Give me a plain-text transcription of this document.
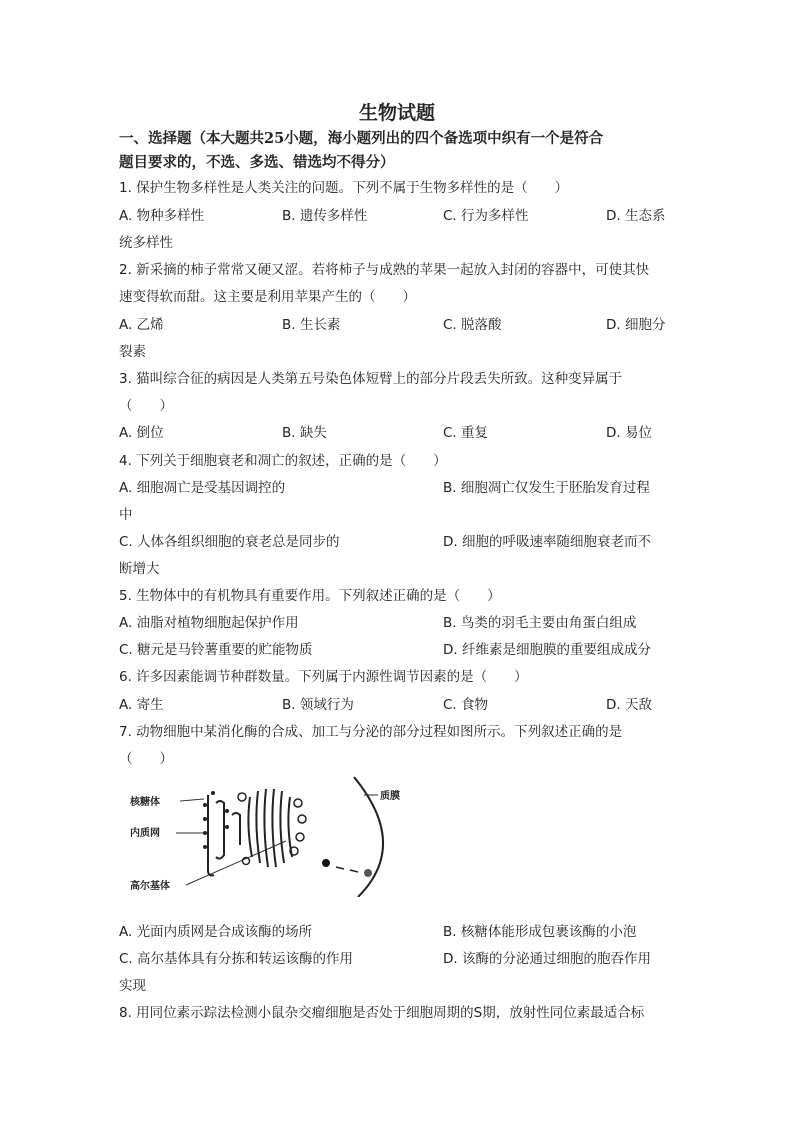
生物试题
一、选择题（本大题共25小题，海小题列出的四个备选项中织有一个是符合
题目要求的，不选、多选、错选均不得分）
1. 保护生物多样性是人类关注的问题。下列不属于生物多样性的是（　　）
A. 物种多样性	B. 遗传多样性	C. 行为多样性	D. 生态系
统多样性
2. 新采摘的柿子常常又硬又涩。若将柿子与成熟的苹果一起放入封闭的容器中，可使其快
速变得软而甜。这主要是利用苹果产生的（　　）
A. 乙烯	B. 生长素	C. 脱落酸	D. 细胞分
裂素
3. 猫叫综合征的病因是人类第五号染色体短臂上的部分片段丢失所致。这种变异属于
（　　）
A. 倒位	B. 缺失	C. 重复	D. 易位
4. 下列关于细胞衰老和凋亡的叙述，正确的是（　　）
A. 细胞凋亡是受基因调控的	B. 细胞凋亡仅发生于胚胎发育过程
中
C. 人体各组织细胞的衰老总是同步的	D. 细胞的呼吸速率随细胞衰老而不
断增大
5. 生物体中的有机物具有重要作用。下列叙述正确的是（　　）
A. 油脂对植物细胞起保护作用	B. 鸟类的羽毛主要由角蛋白组成
C. 糖元是马铃薯重要的贮能物质	D. 纤维素是细胞膜的重要组成成分
6. 许多因素能调节种群数量。下列属于内源性调节因素的是（　　）
A. 寄生	B. 领域行为	C. 食物	D. 天敌
7. 动物细胞中某消化酶的合成、加工与分泌的部分过程如图所示。下列叙述正确的是
（　　）
核糖体
内质网
高尔基体
质膜
A. 光面内质网是合成该酶的场所	B. 核糖体能形成包裹该酶的小泡
C. 高尔基体具有分拣和转运该酶的作用	D. 该酶的分泌通过细胞的胞吞作用
实现
8. 用同位素示踪法检测小鼠杂交瘤细胞是否处于细胞周期的S期，放射性同位素最适合标
